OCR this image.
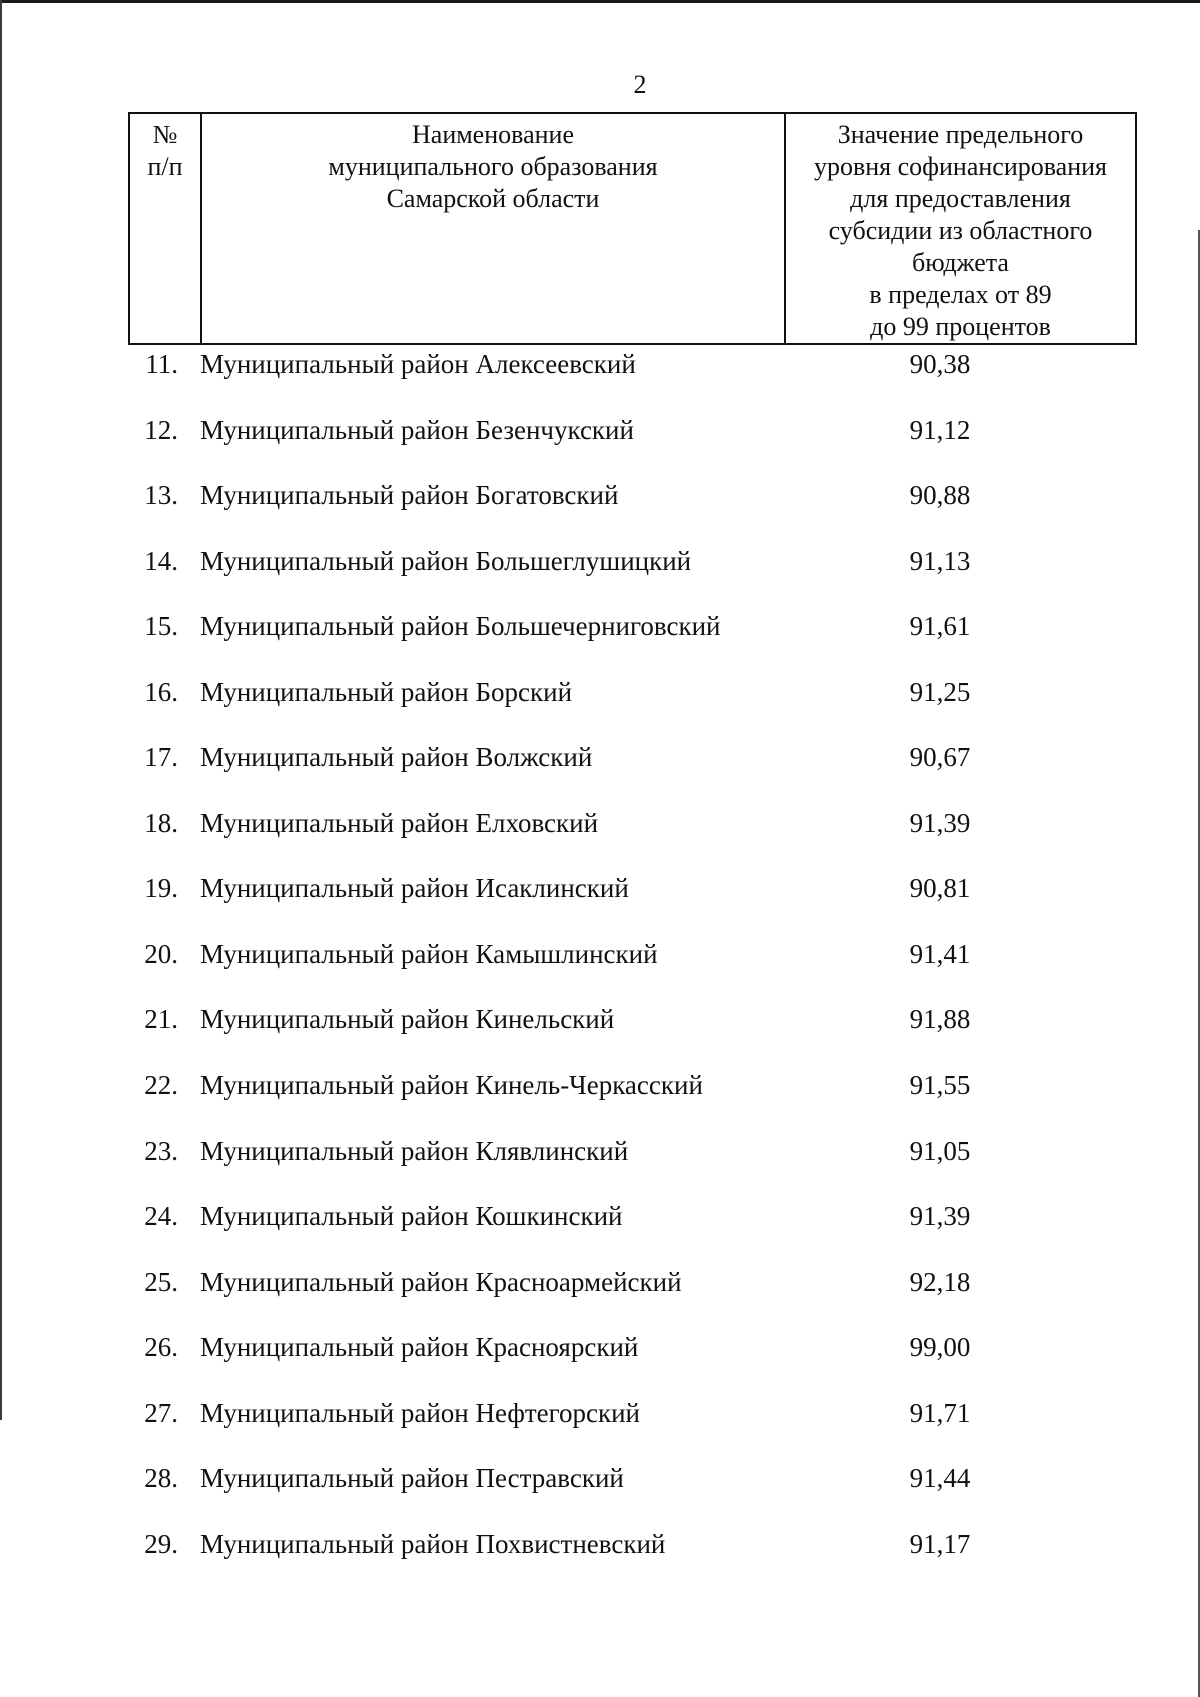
2
№
п/п

Наименование
муниципального образования
Самарской области

Значение предельного
уровня софинансирования
для предоставления
субсидии из областного
бюджета
в пределах от 89
до 99 процентов
11. Муниципальный район Алексеевский	90,38
12. Муниципальный район Безенчукский	91,12
13. Муниципальный район Богатовский	90,88
14. Муниципальный район Большеглушицкий	91,13
15. Муниципальный район Большечерниговский	91,61
16. Муниципальный район Борский	91,25
17. Муниципальный район Волжский	90,67
18. Муниципальный район Елховский	91,39
19. Муниципальный район Исаклинский	90,81
20. Муниципальный район Камышлинский	91,41
21. Муниципальный район Кинельский	91,88
22. Муниципальный район Кинель-Черкасский	91,55
23. Муниципальный район Клявлинский	91,05
24. Муниципальный район Кошкинский	91,39
25. Муниципальный район Красноармейский	92,18
26. Муниципальный район Красноярский	99,00
27. Муниципальный район Нефтегорский	91,71
28. Муниципальный район Пестравский	91,44
29. Муниципальный район Похвистневский	91,17
